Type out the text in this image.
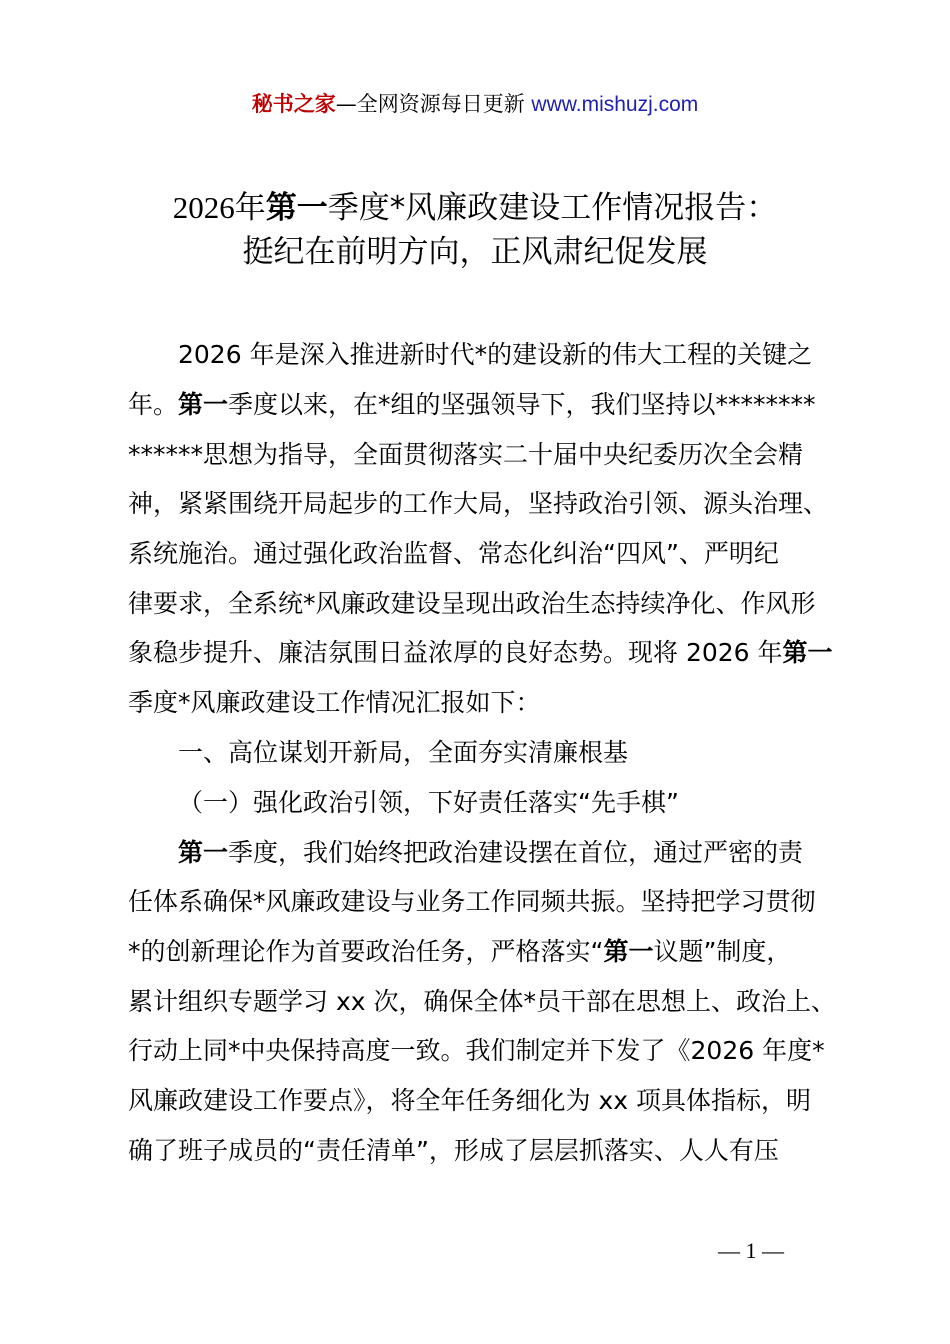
秘书之家—全网资源每日更新 www.mishuzj.com
2026年第一季度*风廉政建设工作情况报告：
挺纪在前明方向，正风肃纪促发展
2026 年是深入推进新时代*的建设新的伟大工程的关键之
年。第一季度以来，在*组的坚强领导下，我们坚持以********
******思想为指导，全面贯彻落实二十届中央纪委历次全会精
神，紧紧围绕开局起步的工作大局，坚持政治引领、源头治理、
系统施治。通过强化政治监督、常态化纠治“四风”、严明纪
律要求，全系统*风廉政建设呈现出政治生态持续净化、作风形
象稳步提升、廉洁氛围日益浓厚的良好态势。现将 2026 年第一
季度*风廉政建设工作情况汇报如下：
一、高位谋划开新局，全面夯实清廉根基
（一）强化政治引领，下好责任落实“先手棋”
第一季度，我们始终把政治建设摆在首位，通过严密的责
任体系确保*风廉政建设与业务工作同频共振。坚持把学习贯彻
*的创新理论作为首要政治任务，严格落实“第一议题”制度，
累计组织专题学习 xx 次，确保全体*员干部在思想上、政治上、
行动上同*中央保持高度一致。我们制定并下发了《2026 年度*
风廉政建设工作要点》，将全年任务细化为 xx 项具体指标，明
确了班子成员的“责任清单”，形成了层层抓落实、人人有压
— 1 —
